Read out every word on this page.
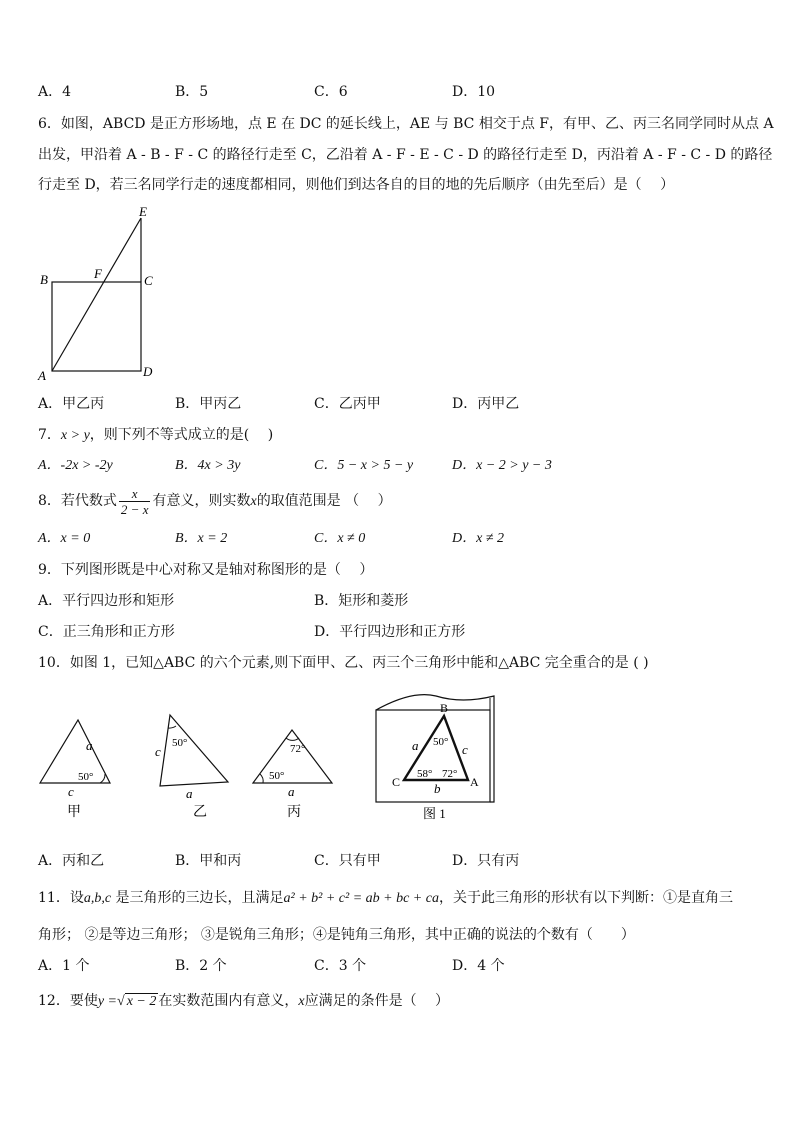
A．4	B．5	C．6	D．10
6．如图，ABCD 是正方形场地，点 E 在 DC 的延长线上，AE 与 BC 相交于点 F，有甲、乙、丙三名同学同时从点 A
出发，甲沿着 A - B - F - C 的路径行走至 C，乙沿着 A - F - E - C - D 的路径行走至 D，丙沿着 A - F - C - D 的路径
行走至 D，若三名同学行走的速度都相同，则他们到达各自的目的地的先后顺序（由先至后）是（　 ）
E
F
B	C
A	D
A．甲乙丙	B．甲丙乙	C．乙丙甲	D．丙甲乙
7．x > y，则下列不等式成立的是(　 )
A．-2x > -2y	B．4x > 3y	C．5 − x > 5 − y	D．x − 2 > y − 3
8．若代数式 $\frac{x}{2 - x}$ 有意义，则实数x的取值范围是 （　 ）
A．x = 0	B．x = 2	C．x ≠ 0	D．x ≠ 2
9．下列图形既是中心对称又是轴对称图形的是（　 ）
A．平行四边形和矩形	B．矩形和菱形
C．正三角形和正方形	D．平行四边形和正方形
10．如图 1，已知△ABC 的六个元素,则下面甲、乙、丙三个三角形中能和△ABC 完全重合的是 ( )
a
50°
c
甲
50°
c
a
乙
72°
50°
a
丙
B
A
C
a	c
b
50°
58° 72°
图 1
A．丙和乙	B．甲和丙	C．只有甲	D．只有丙
11．设a,b,c 是三角形的三边长，且满足a² + b² + c² = ab + bc + ca，关于此三角形的形状有以下判断：①是直角三
角形； ②是等边三角形； ③是锐角三角形；④是钝角三角形，其中正确的说法的个数有（　　）
A．1 个	B．2 个	C．3 个	D．4 个
12．要使y =√ x − 2 在实数范围内有意义，x应满足的条件是（　 ）
